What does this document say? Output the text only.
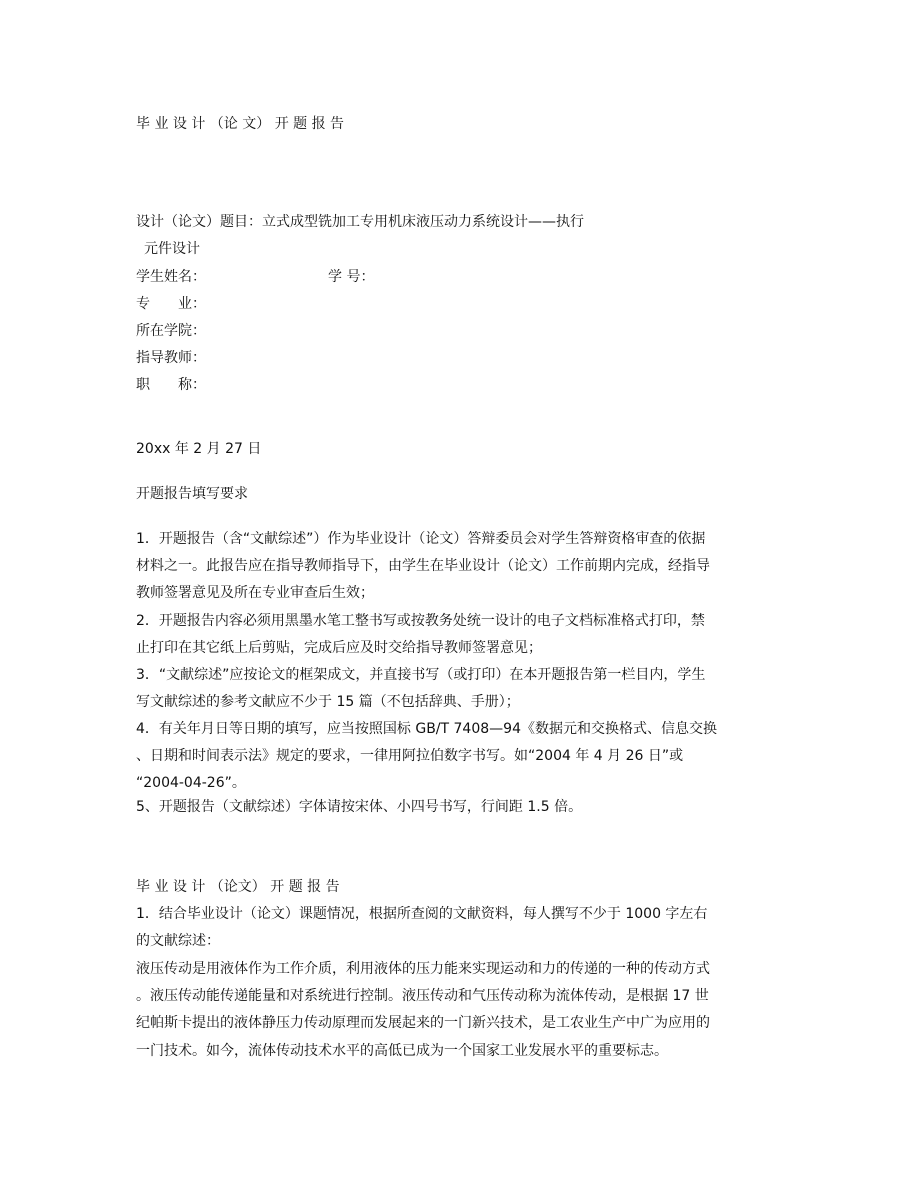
毕 业 设 计 （论 文） 开 题 报 告
设计（论文）题目：立式成型铣加工专用机床液压动力系统设计——执行
元件设计
学生姓名：	学 号：
专　　业：
所在学院：
指导教师：
职　　称：
20xx 年 2 月 27 日
开题报告填写要求
1．开题报告（含“文献综述”）作为毕业设计（论文）答辩委员会对学生答辩资格审查的依据
材料之一。此报告应在指导教师指导下，由学生在毕业设计（论文）工作前期内完成，经指导
教师签署意见及所在专业审查后生效；
2．开题报告内容必须用黑墨水笔工整书写或按教务处统一设计的电子文档标准格式打印，禁
止打印在其它纸上后剪贴，完成后应及时交给指导教师签署意见；
3．“文献综述”应按论文的框架成文，并直接书写（或打印）在本开题报告第一栏目内，学生
写文献综述的参考文献应不少于 15 篇（不包括辞典、手册）；
4．有关年月日等日期的填写，应当按照国标 GB/T 7408—94《数据元和交换格式、信息交换
、日期和时间表示法》规定的要求，一律用阿拉伯数字书写。如“2004 年 4 月 26 日”或
“2004-04-26”。
5、开题报告（文献综述）字体请按宋体、小四号书写，行间距 1.5 倍。
毕 业 设 计 （论文） 开 题 报 告
1．结合毕业设计（论文）课题情况，根据所查阅的文献资料，每人撰写不少于 1000 字左右
的文献综述：
液压传动是用液体作为工作介质，利用液体的压力能来实现运动和力的传递的一种的传动方式
。液压传动能传递能量和对系统进行控制。液压传动和气压传动称为流体传动，是根据 17 世
纪帕斯卡提出的液体静压力传动原理而发展起来的一门新兴技术，是工农业生产中广为应用的
一门技术。如今，流体传动技术水平的高低已成为一个国家工业发展水平的重要标志。
